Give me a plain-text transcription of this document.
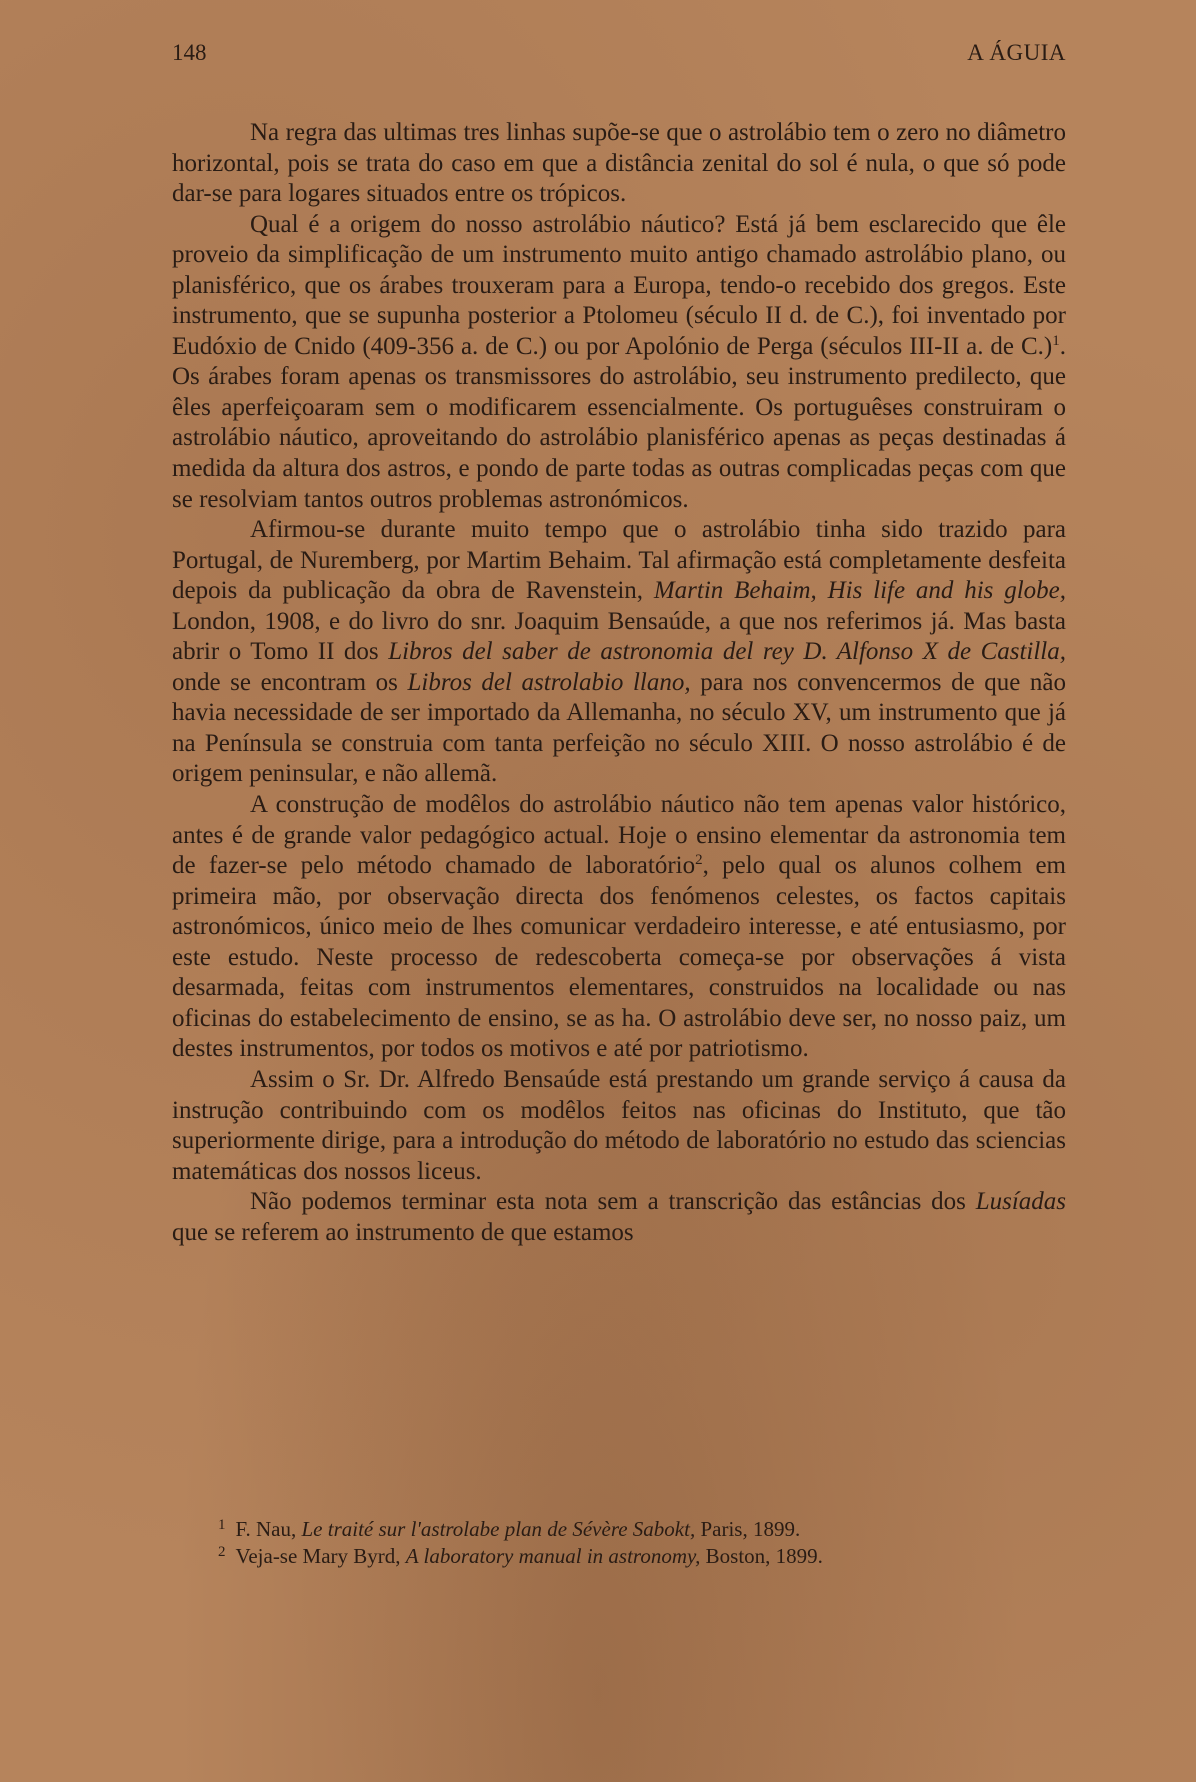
148	A ÁGUIA

Na regra das ultimas tres linhas supõe-se que o astrolábio tem o zero no diâmetro horizontal, pois se trata do caso em que a distância zenital do sol é nula, o que só pode dar-se para logares situados entre os trópicos.

Qual é a origem do nosso astrolábio náutico? Está já bem esclarecido que êle proveio da simplificação de um instrumento muito antigo chamado astrolábio plano, ou planisférico, que os árabes trouxeram para a Europa, tendo-o recebido dos gregos. Este instrumento, que se supunha posterior a Ptolomeu (século II d. de C.), foi inventado por Eudóxio de Cnido (409-356 a. de C.) ou por Apolónio de Perga (séculos III-II a. de C.)$^1$. Os árabes foram apenas os transmissores do astrolábio, seu instrumento predilecto, que êles aperfeiçoaram sem o modificarem essencialmente. Os portuguêses construiram o astrolábio náutico, aproveitando do astrolábio planisférico apenas as peças destinadas á medida da altura dos astros, e pondo de parte todas as outras complicadas peças com que se resolviam tantos outros problemas astronómicos.

Afirmou-se durante muito tempo que o astrolábio tinha sido trazido para Portugal, de Nuremberg, por Martim Behaim. Tal afirmação está completamente desfeita depois da publicação da obra de Ravenstein, Martin Behaim, His life and his globe, London, 1908, e do livro do snr. Joaquim Bensaúde, a que nos referimos já. Mas basta abrir o Tomo II dos Libros del saber de astronomia del rey D. Alfonso X de Castilla, onde se encontram os Libros del astrolabio llano, para nos convencermos de que não havia necessidade de ser importado da Allemanha, no século XV, um instrumento que já na Península se construia com tanta perfeição no século XIII. O nosso astrolábio é de origem peninsular, e não allemã.

A construção de modêlos do astrolábio náutico não tem apenas valor histórico, antes é de grande valor pedagógico actual. Hoje o ensino elementar da astronomia tem de fazer-se pelo método chamado de laboratório$^2$, pelo qual os alunos colhem em primeira mão, por observação directa dos fenómenos celestes, os factos capitais astronómicos, único meio de lhes comunicar verdadeiro interesse, e até entusiasmo, por este estudo. Neste processo de redescoberta começa-se por observações á vista desarmada, feitas com instrumentos elementares, construidos na localidade ou nas oficinas do estabelecimento de ensino, se as ha. O astrolábio deve ser, no nosso paiz, um destes instrumentos, por todos os motivos e até por patriotismo.

Assim o Sr. Dr. Alfredo Bensaúde está prestando um grande serviço á causa da instrução contribuindo com os modêlos feitos nas oficinas do Instituto, que tão superiormente dirige, para a introdução do método de laboratório no estudo das sciencias matemáticas dos nossos liceus.

Não podemos terminar esta nota sem a transcrição das estâncias dos Lusíadas que se referem ao instrumento de que estamos

$^1$ F. Nau, Le traité sur l'astrolabe plan de Sévère Sabokt, Paris, 1899.

$^2$ Veja-se Mary Byrd, A laboratory manual in astronomy, Boston, 1899.
